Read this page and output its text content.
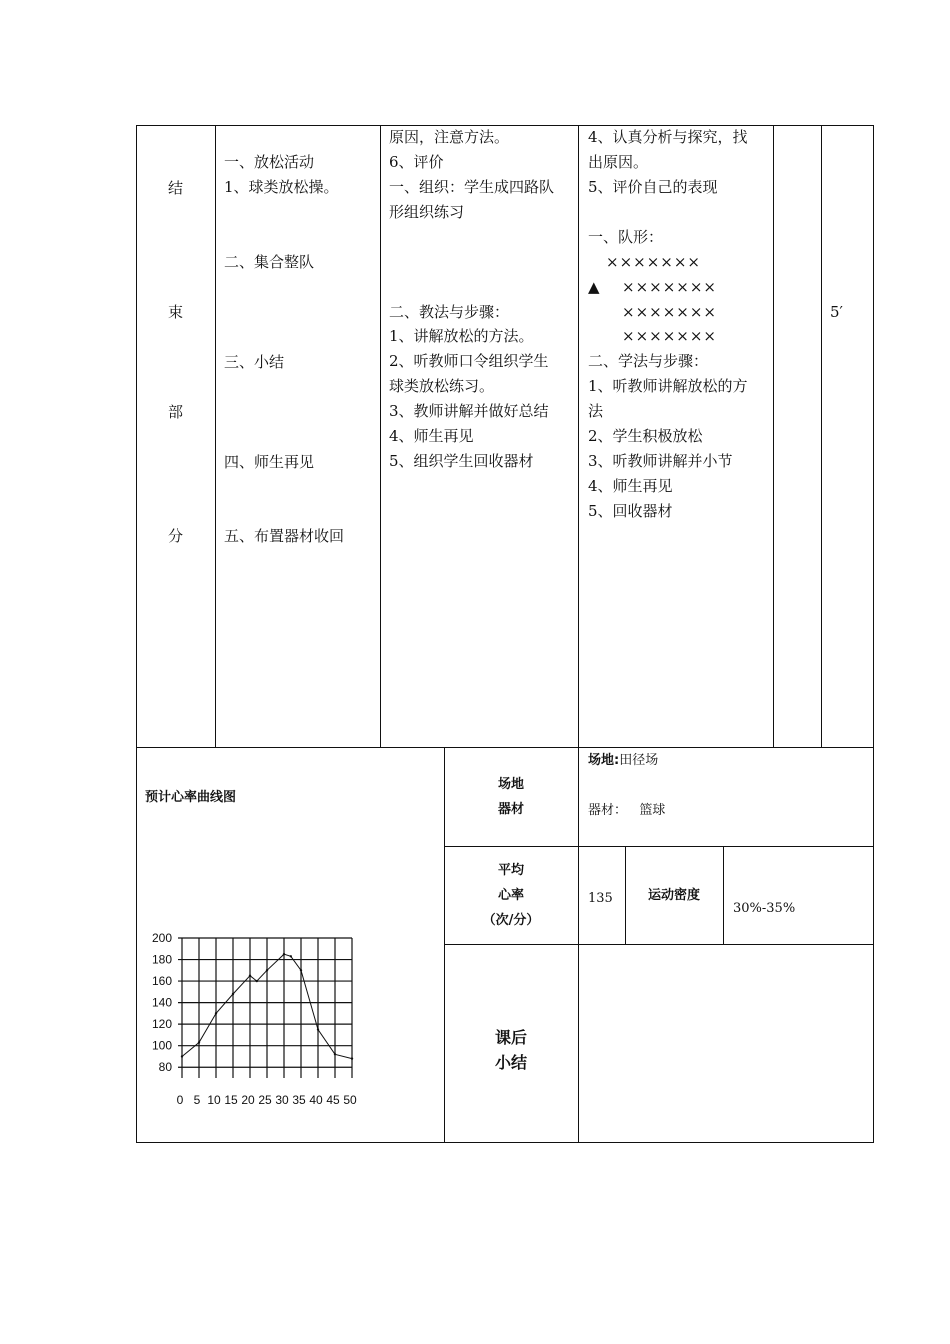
结
束
部
分
一、放松活动
1、球类放松操。
二、集合整队
三、小结
四、师生再见
五、布置器材收回
原因，注意方法。
6、评价
一、组织：学生成四路队
形组织练习
二、教法与步骤：
1、讲解放松的方法。
2、听教师口令组织学生
球类放松练习。
3、教师讲解并做好总结
4、师生再见
5、组织学生回收器材
4、认真分析与探究，找
出原因。
5、评价自己的表现
一、队形：
×××××××
▲ ×××××××
×××××××
×××××××
二、学法与步骤：
1、听教师讲解放松的方
法
2、学生积极放松
3、听教师讲解并小节
4、师生再见
5、回收器材
5′
预计心率曲线图
场地
器材
场地:田径场
器材： 篮球
平均
心率
（次/分）
135	运动密度
30%-35%
课后
小结
200
180
160
140
120
100
80
0 5 10 15 20 25 30 35 40 45 50
